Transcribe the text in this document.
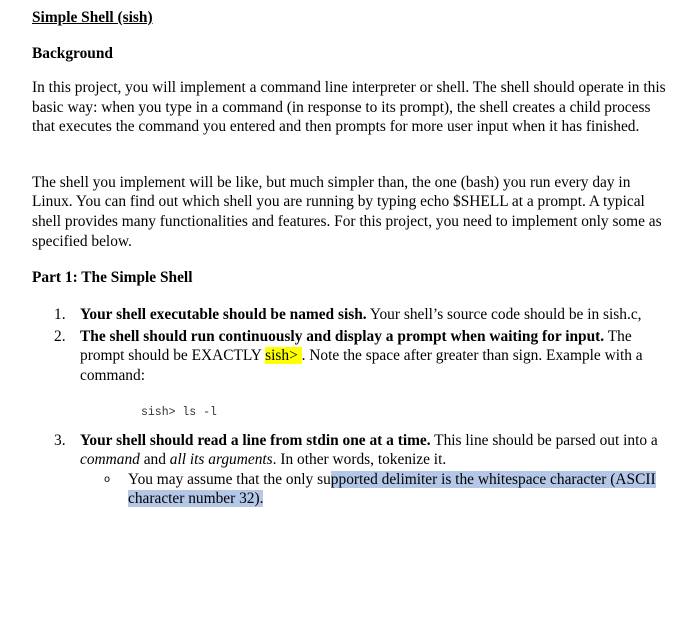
Simple Shell (sish)

Background

In this project, you will implement a command line interpreter or shell. The shell should operate in this basic way: when you type in a command (in response to its prompt), the shell creates a child process that executes the command you entered and then prompts for more user input when it has finished.

The shell you implement will be like, but much simpler than, the one (bash) you run every day in Linux. You can find out which shell you are running by typing echo $SHELL at a prompt. A typical shell provides many functionalities and features. For this project, you need to implement only some as specified below.

Part 1: The Simple Shell

1. Your shell executable should be named sish. Your shell’s source code should be in sish.c,
2. The shell should run continuously and display a prompt when waiting for input. The prompt should be EXACTLY sish> . Note the space after greater than sign. Example with a command:
sish> ls -l
3. Your shell should read a line from stdin one at a time. This line should be parsed out into a command and all its arguments. In other words, tokenize it.
o You may assume that the only supported delimiter is the whitespace character (ASCII character number 32).
